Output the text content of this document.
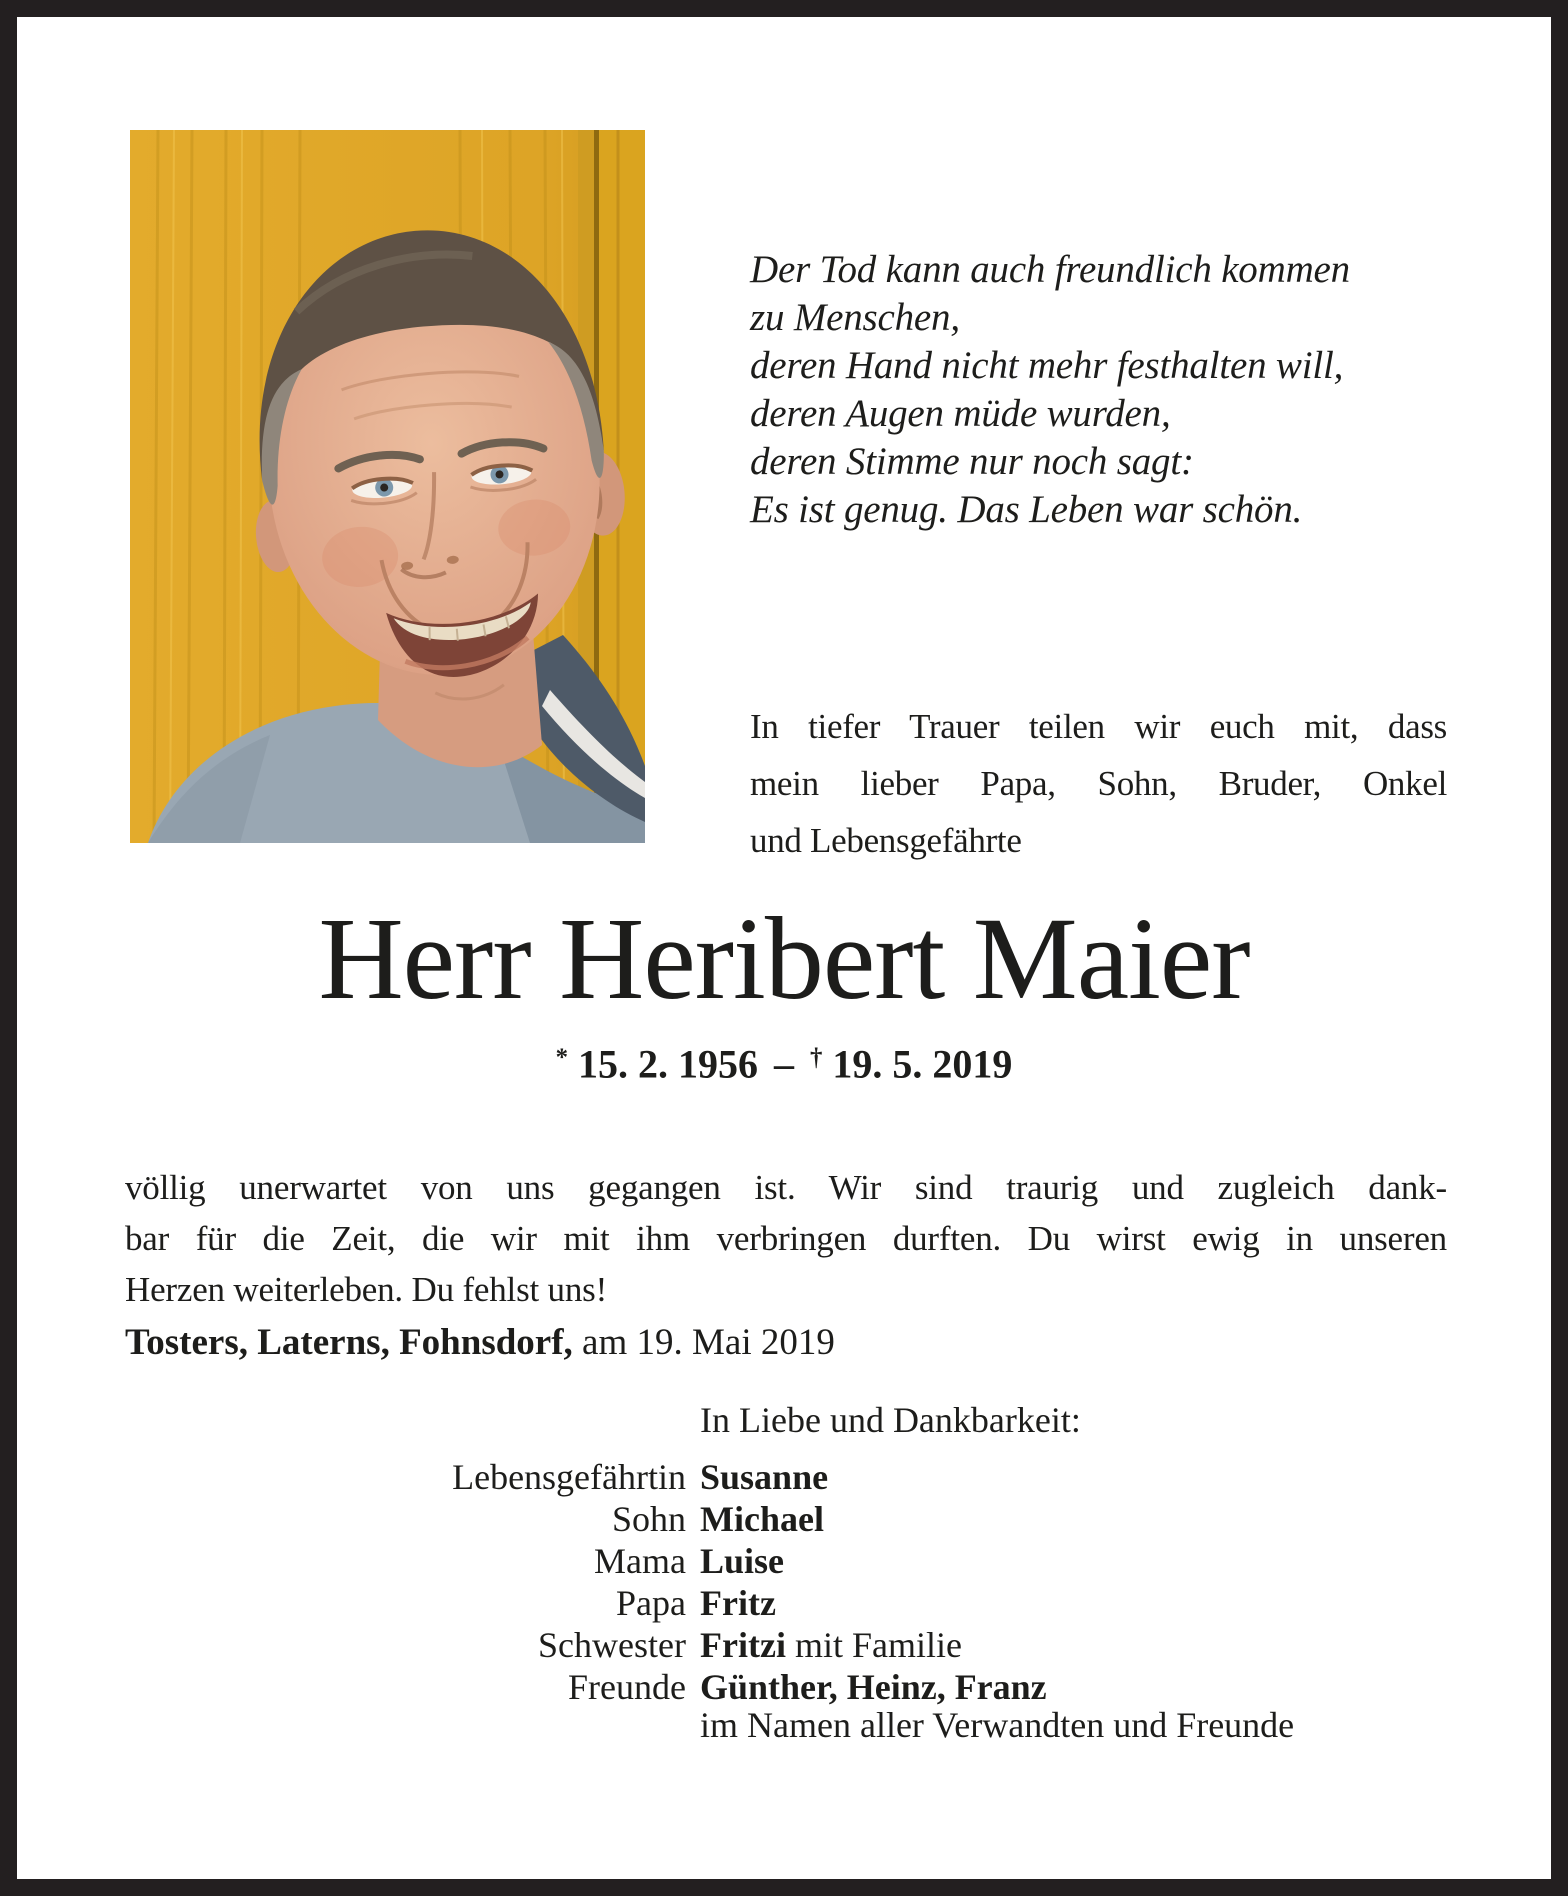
Der Tod kann auch freundlich kommen
zu Menschen,
deren Hand nicht mehr festhalten will,
deren Augen müde wurden,
deren Stimme nur noch sagt:
Es ist genug. Das Leben war schön.
In tiefer Trauer teilen wir euch mit, dass
mein lieber Papa, Sohn, Bruder, Onkel
und Lebensgefährte
Herr Heribert Maier
* 15. 2. 1956 – † 19. 5. 2019
völlig unerwartet von uns gegangen ist. Wir sind traurig und zugleich dank-
bar für die Zeit, die wir mit ihm verbringen durften. Du wirst ewig in unseren
Herzen weiterleben. Du fehlst uns!
Tosters, Laterns, Fohnsdorf, am 19. Mai 2019
In Liebe und Dankbarkeit:
Lebensgefährtin Susanne
Sohn Michael
Mama Luise
Papa Fritz
Schwester Fritzi mit Familie
Freunde Günther, Heinz, Franz
im Namen aller Verwandten und Freunde
